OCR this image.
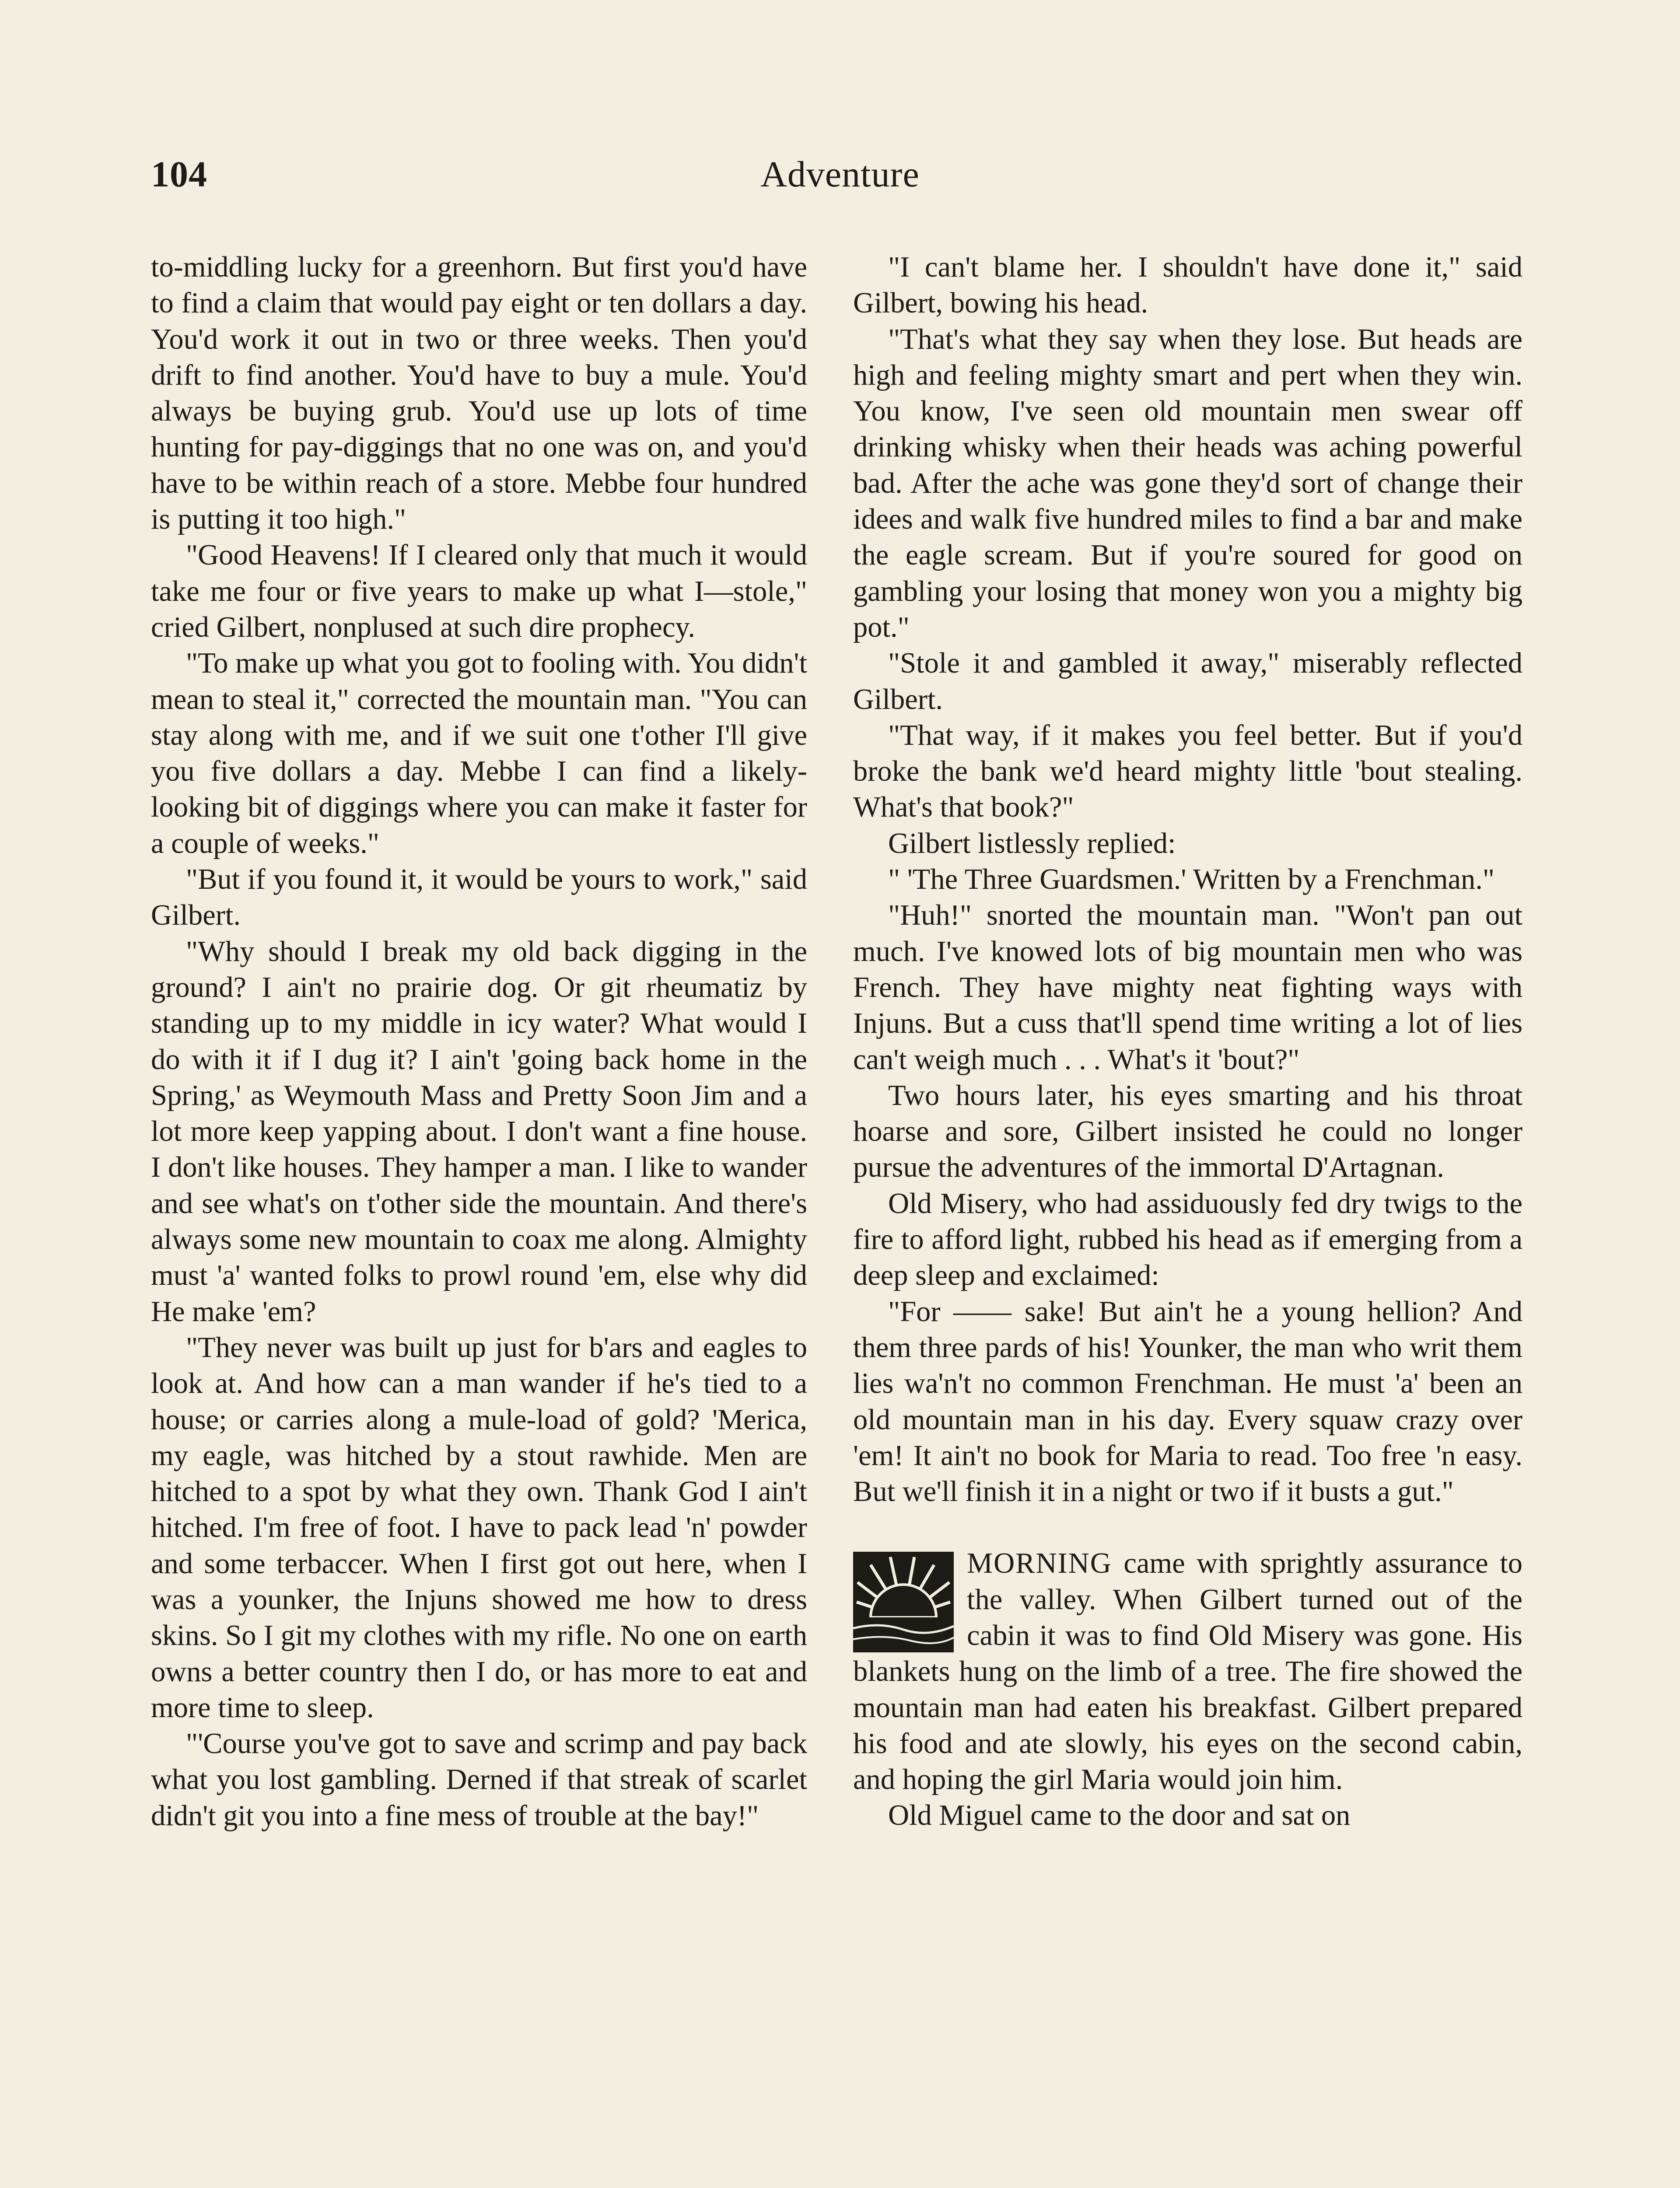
104	Adventure

to-middling lucky for a greenhorn. But first you'd have to find a claim that would pay eight or ten dollars a day. You'd work it out in two or three weeks. Then you'd drift to find another. You'd have to buy a mule. You'd always be buying grub. You'd use up lots of time hunting for pay-diggings that no one was on, and you'd have to be within reach of a store. Mebbe four hundred is putting it too high."

"Good Heavens! If I cleared only that much it would take me four or five years to make up what I—stole," cried Gilbert, nonplused at such dire prophecy.

"To make up what you got to fooling with. You didn't mean to steal it," corrected the mountain man. "You can stay along with me, and if we suit one t'other I'll give you five dollars a day. Mebbe I can find a likely-looking bit of diggings where you can make it faster for a couple of weeks."

"But if you found it, it would be yours to work," said Gilbert.

"Why should I break my old back digging in the ground? I ain't no prairie dog. Or git rheumatiz by standing up to my middle in icy water? What would I do with it if I dug it? I ain't 'going back home in the Spring,' as Weymouth Mass and Pretty Soon Jim and a lot more keep yapping about. I don't want a fine house. I don't like houses. They hamper a man. I like to wander and see what's on t'other side the mountain. And there's always some new mountain to coax me along. Almighty must 'a' wanted folks to prowl round 'em, else why did He make 'em?

"They never was built up just for b'ars and eagles to look at. And how can a man wander if he's tied to a house; or carries along a mule-load of gold? 'Merica, my eagle, was hitched by a stout rawhide. Men are hitched to a spot by what they own. Thank God I ain't hitched. I'm free of foot. I have to pack lead 'n' powder and some terbaccer. When I first got out here, when I was a younker, the Injuns showed me how to dress skins. So I git my clothes with my rifle. No one on earth owns a better country then I do, or has more to eat and more time to sleep.

"'Course you've got to save and scrimp and pay back what you lost gambling. Derned if that streak of scarlet didn't git you into a fine mess of trouble at the bay!"

"I can't blame her. I shouldn't have done it," said Gilbert, bowing his head.

"That's what they say when they lose. But heads are high and feeling mighty smart and pert when they win. You know, I've seen old mountain men swear off drinking whisky when their heads was aching powerful bad. After the ache was gone they'd sort of change their idees and walk five hundred miles to find a bar and make the eagle scream. But if you're soured for good on gambling your losing that money won you a mighty big pot."

"Stole it and gambled it away," miserably reflected Gilbert.

"That way, if it makes you feel better. But if you'd broke the bank we'd heard mighty little 'bout stealing. What's that book?"

Gilbert listlessly replied:

" 'The Three Guardsmen.' Written by a Frenchman."

"Huh!" snorted the mountain man. "Won't pan out much. I've knowed lots of big mountain men who was French. They have mighty neat fighting ways with Injuns. But a cuss that'll spend time writing a lot of lies can't weigh much . . . What's it 'bout?"

Two hours later, his eyes smarting and his throat hoarse and sore, Gilbert insisted he could no longer pursue the adventures of the immortal D'Artagnan.

Old Misery, who had assiduously fed dry twigs to the fire to afford light, rubbed his head as if emerging from a deep sleep and exclaimed:

"For —— sake! But ain't he a young hellion? And them three pards of his! Younker, the man who writ them lies wa'n't no common Frenchman. He must 'a' been an old mountain man in his day. Every squaw crazy over 'em! It ain't no book for Maria to read. Too free 'n easy. But we'll finish it in a night or two if it busts a gut."

MORNING came with sprightly assurance to the valley. When Gilbert turned out of the cabin it was to find Old Misery was gone. His blankets hung on the limb of a tree. The fire showed the mountain man had eaten his breakfast. Gilbert prepared his food and ate slowly, his eyes on the second cabin, and hoping the girl Maria would join him.

Old Miguel came to the door and sat on
